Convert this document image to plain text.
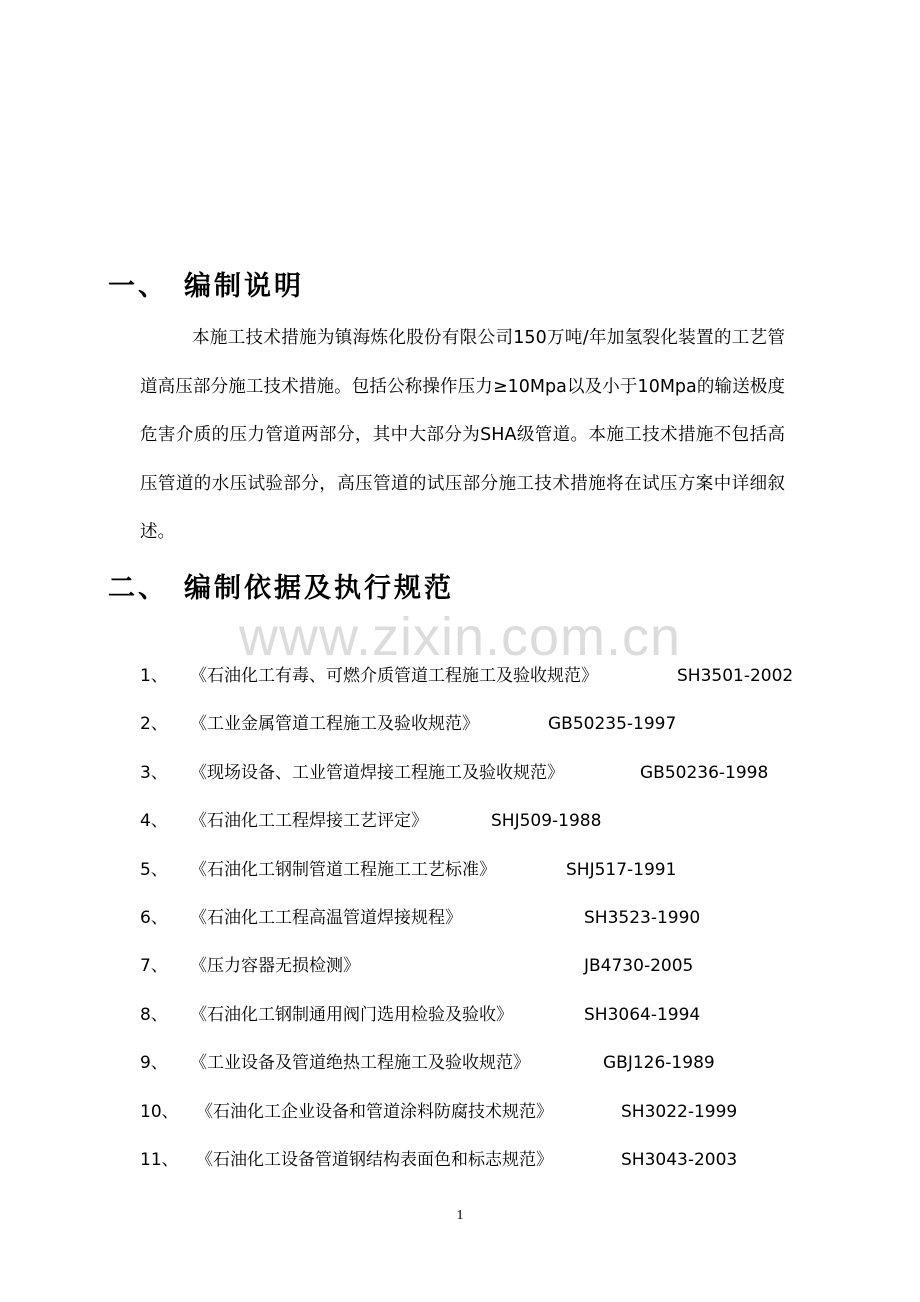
一、 编制说明

本施工技术措施为镇海炼化股份有限公司150万吨/年加氢裂化装置的工艺管道高压部分施工技术措施。包括公称操作压力≥10Mpa以及小于10Mpa的输送极度危害介质的压力管道两部分，其中大部分为SHA级管道。本施工技术措施不包括高压管道的水压试验部分，高压管道的试压部分施工技术措施将在试压方案中详细叙述。

二、 编制依据及执行规范
www.zixin.com.cn
1、 《石油化工有毒、可燃介质管道工程施工及验收规范》	SH3501-2002
2、 《工业金属管道工程施工及验收规范》	GB50235-1997
3、 《现场设备、工业管道焊接工程施工及验收规范》	GB50236-1998
4、 《石油化工工程焊接工艺评定》	SHJ509-1988
5、 《石油化工钢制管道工程施工工艺标准》	SHJ517-1991
6、 《石油化工工程高温管道焊接规程》	SH3523-1990
7、 《压力容器无损检测》	JB4730-2005
8、 《石油化工钢制通用阀门选用检验及验收》	SH3064-1994
9、 《工业设备及管道绝热工程施工及验收规范》	GBJ126-1989
10、 《石油化工企业设备和管道涂料防腐技术规范》	SH3022-1999
11、 《石油化工设备管道钢结构表面色和标志规范》	SH3043-2003
1
